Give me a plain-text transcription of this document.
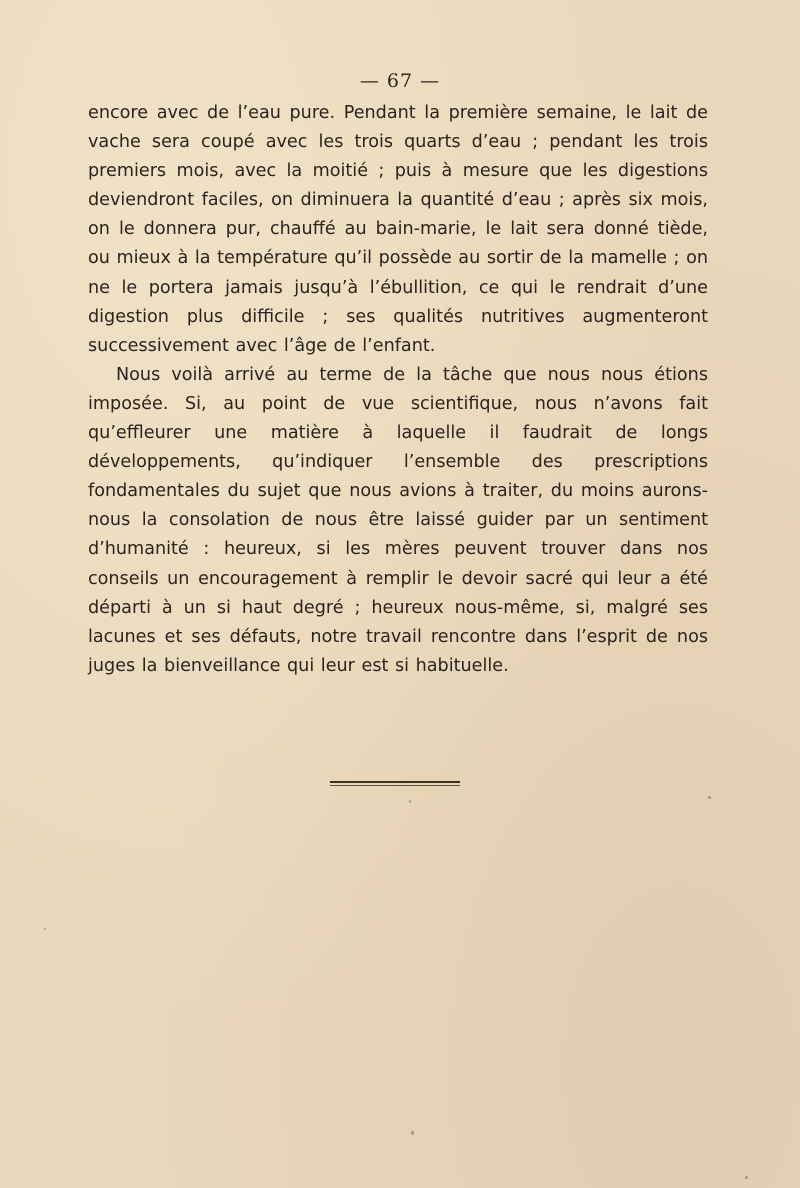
— 67 —

encore avec de l’eau pure. Pendant la première semaine, le lait de vache sera coupé avec les trois quarts d’eau ; pendant les trois premiers mois, avec la moitié ; puis à mesure que les digestions deviendront faciles, on diminuera la quantité d’eau ; après six mois, on le donnera pur, chauffé au bain-marie, le lait sera donné tiède, ou mieux à la température qu’il possède au sortir de la mamelle ; on ne le portera jamais jusqu’à l’ébullition, ce qui le rendrait d’une digestion plus difficile ; ses qualités nutritives augmenteront successivement avec l’âge de l’enfant.

Nous voilà arrivé au terme de la tâche que nous nous étions imposée. Si, au point de vue scientifique, nous n’avons fait qu’effleurer une matière à laquelle il faudrait de longs développements, qu’indiquer l’ensemble des prescriptions fondamentales du sujet que nous avions à traiter, du moins aurons-nous la consolation de nous être laissé guider par un sentiment d’humanité : heureux, si les mères peuvent trouver dans nos conseils un encouragement à remplir le devoir sacré qui leur a été départi à un si haut degré ; heureux nous-même, si, malgré ses lacunes et ses défauts, notre travail rencontre dans l’esprit de nos juges la bienveillance qui leur est si habituelle.
